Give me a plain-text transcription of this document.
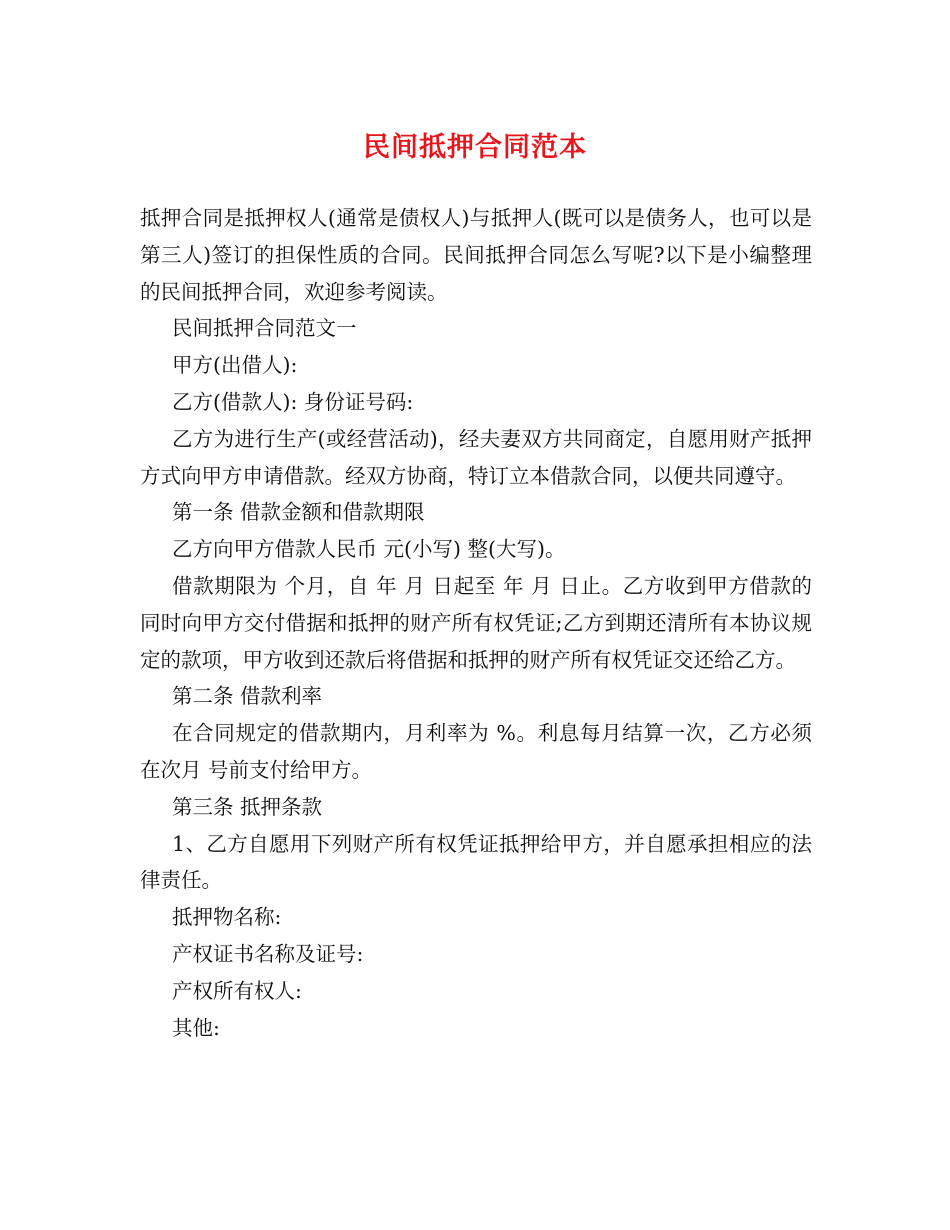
民间抵押合同范本

抵押合同是抵押权人(通常是债权人)与抵押人(既可以是债务人，也可以是第三人)签订的担保性质的合同。民间抵押合同怎么写呢?以下是小编整理的民间抵押合同，欢迎参考阅读。

民间抵押合同范文一

甲方(出借人):

乙方(借款人): 身份证号码:

乙方为进行生产(或经营活动)，经夫妻双方共同商定，自愿用财产抵押方式向甲方申请借款。经双方协商，特订立本借款合同，以便共同遵守。

第一条 借款金额和借款期限

乙方向甲方借款人民币 元(小写) 整(大写)。

借款期限为 个月，自 年 月 日起至 年 月 日止。乙方收到甲方借款的同时向甲方交付借据和抵押的财产所有权凭证;乙方到期还清所有本协议规定的款项，甲方收到还款后将借据和抵押的财产所有权凭证交还给乙方。

第二条 借款利率

在合同规定的借款期内，月利率为 %。利息每月结算一次，乙方必须在次月 号前支付给甲方。

第三条 抵押条款

1、乙方自愿用下列财产所有权凭证抵押给甲方，并自愿承担相应的法律责任。

抵押物名称:

产权证书名称及证号:

产权所有权人:

其他:
